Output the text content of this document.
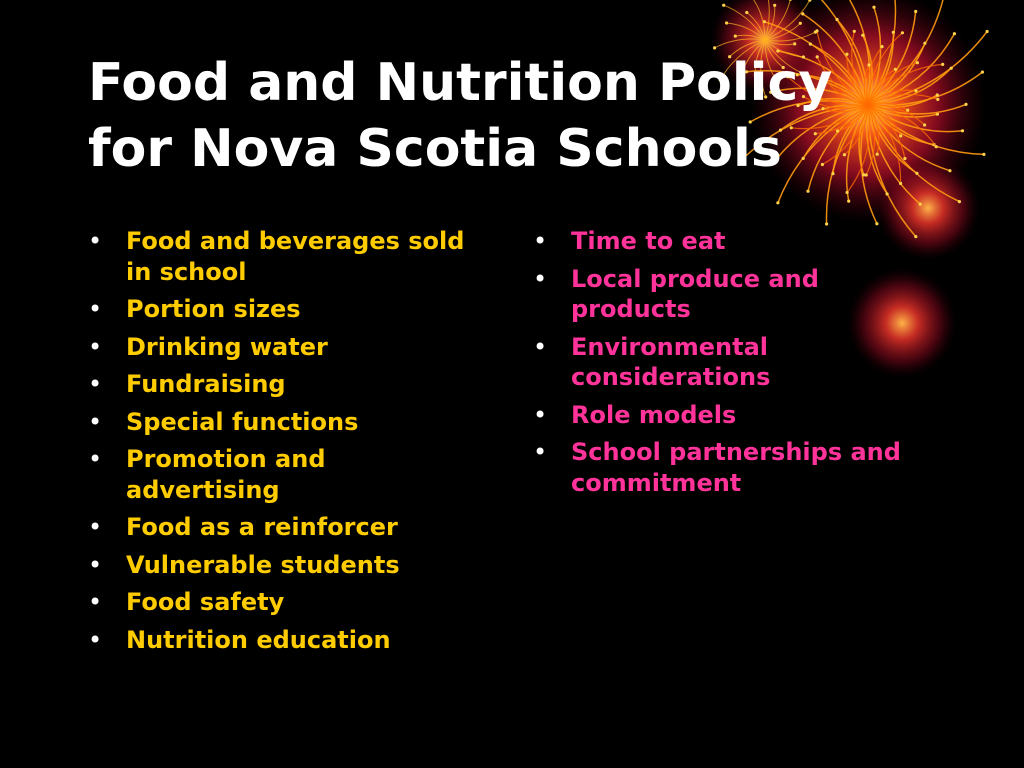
Food and Nutrition Policy
for Nova Scotia Schools
• Food and beverages sold in school
• Portion sizes
• Drinking water
• Fundraising
• Special functions
• Promotion and advertising
• Food as a reinforcer
• Vulnerable students
• Food safety
• Nutrition education
• Time to eat
• Local produce and products
• Environmental considerations
• Role models
• School partnerships and commitment
